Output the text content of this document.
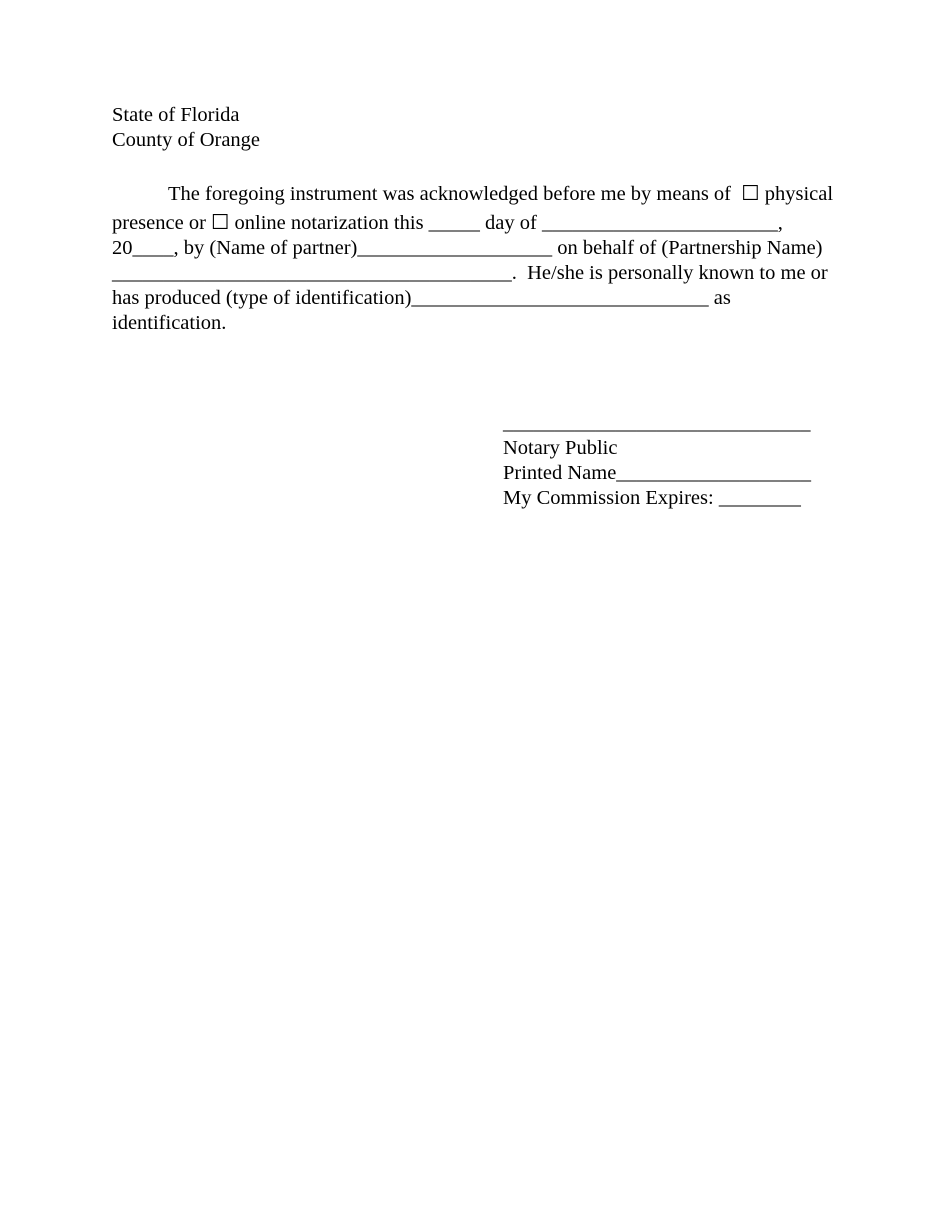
State of Florida
County of Orange
The foregoing instrument was acknowledged before me by means of  ☐ physical
presence or ☐ online notarization this _____ day of _______________________,
20____, by (Name of partner)___________________ on behalf of (Partnership Name)
_______________________________________.  He/she is personally known to me or
has produced (type of identification)_____________________________ as
identification.
______________________________
Notary Public
Printed Name___________________
My Commission Expires: ________
